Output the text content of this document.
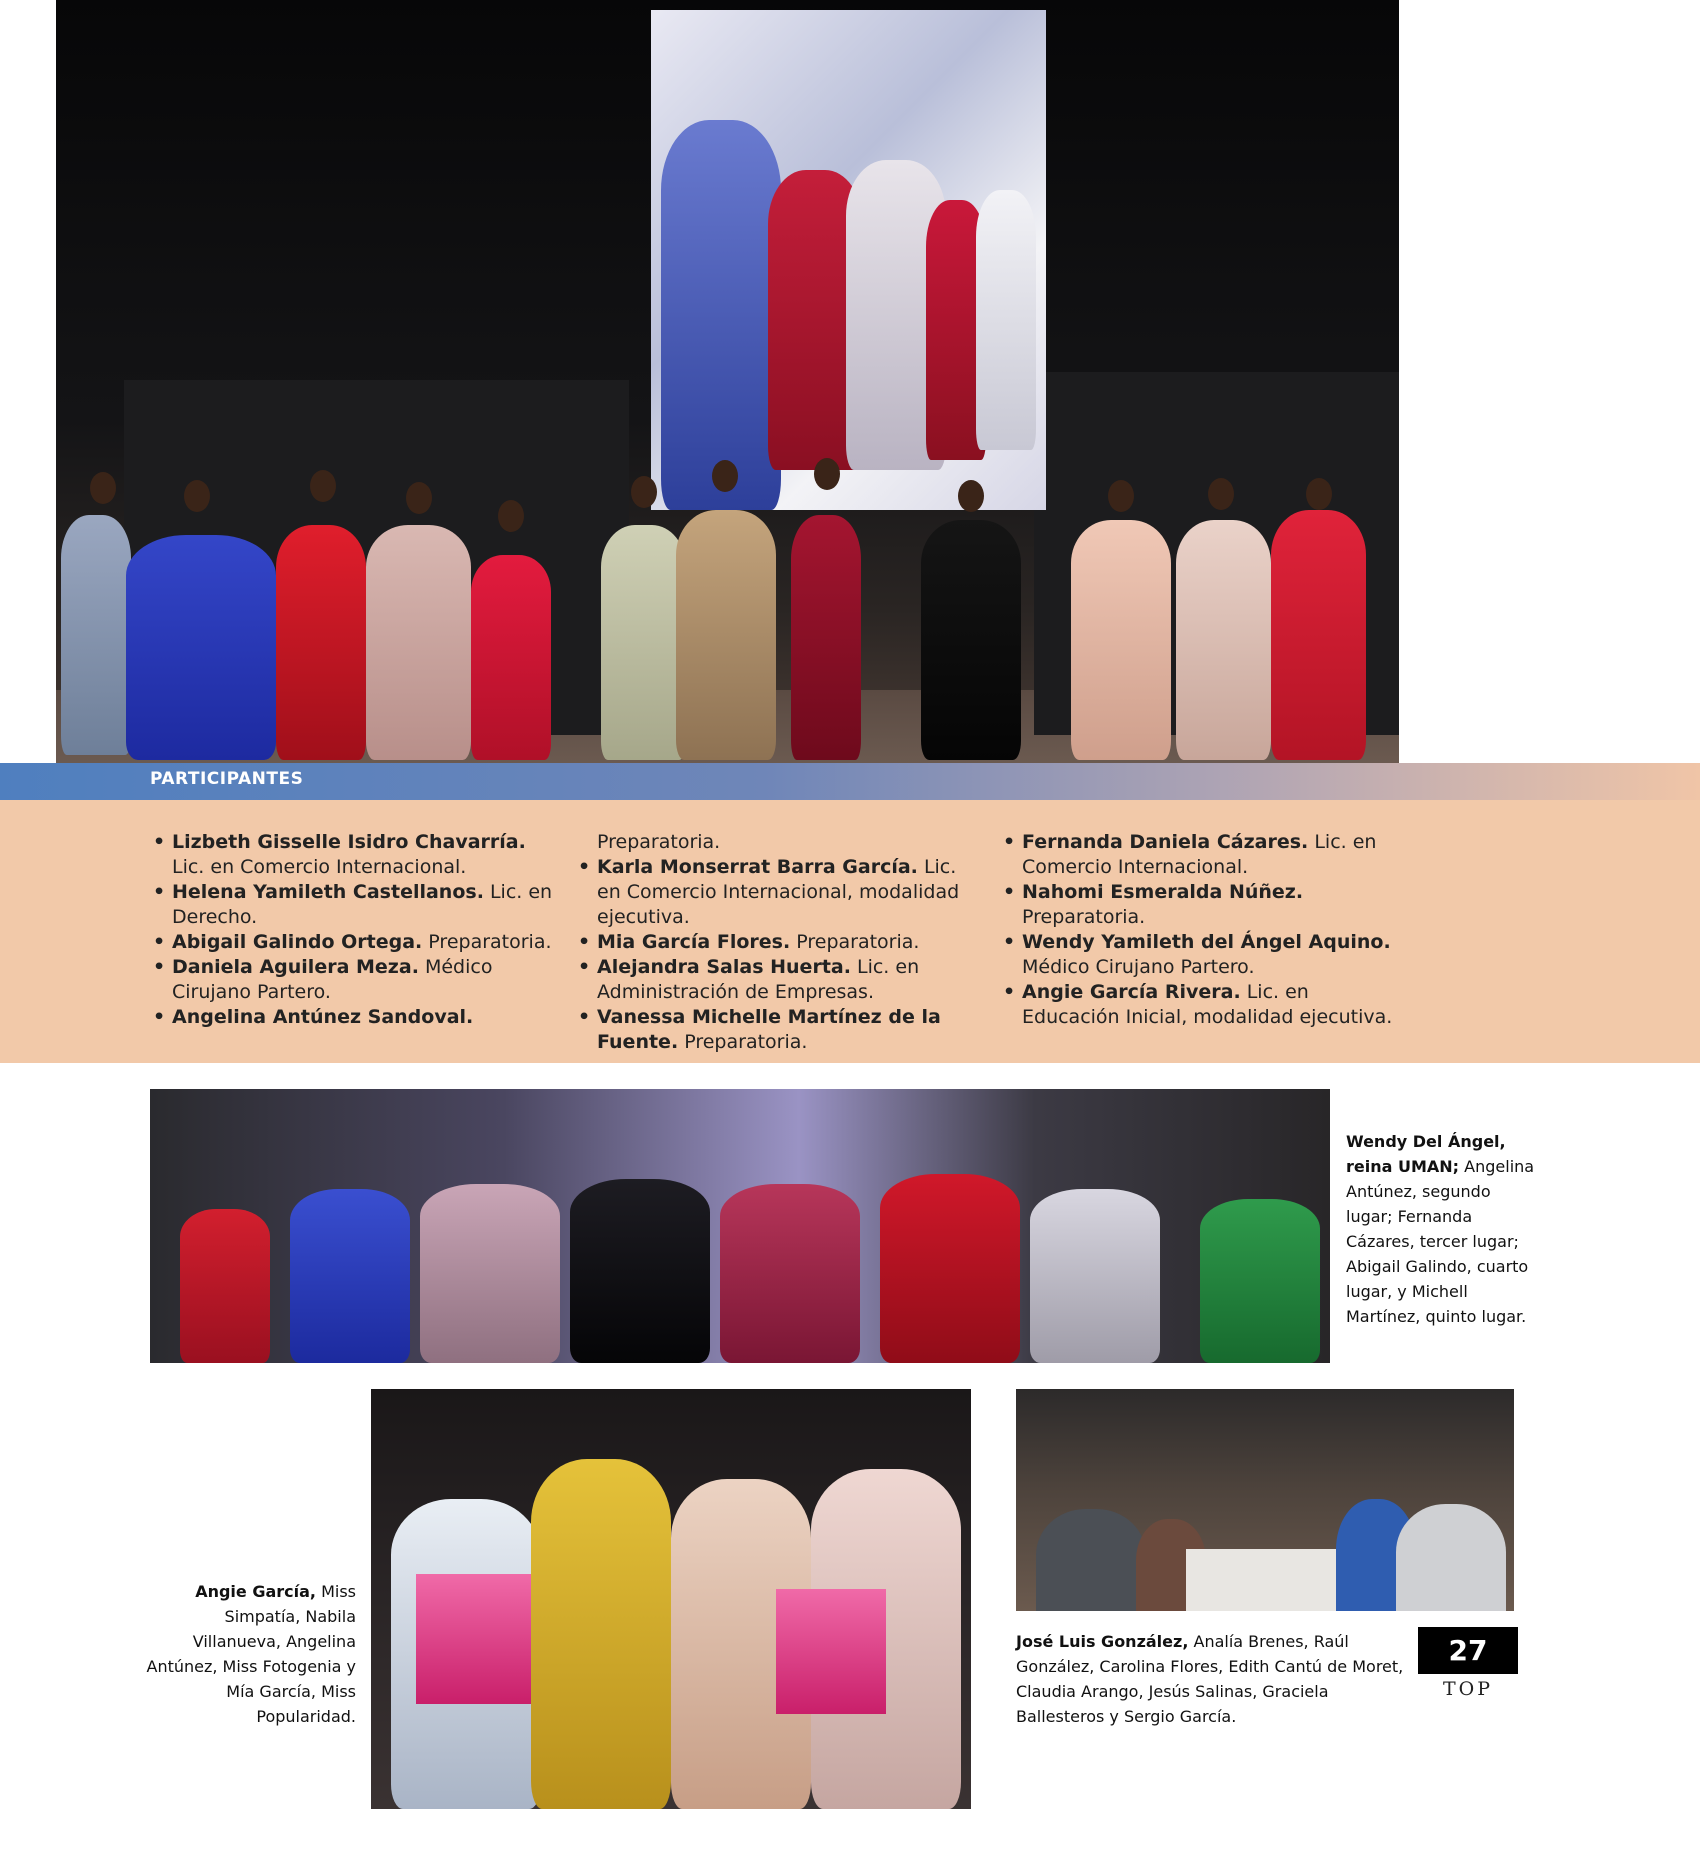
PARTICIPANTES
• Lizbeth Gisselle Isidro Chavarría. Lic. en Comercio Internacional.
• Helena Yamileth Castellanos. Lic. en Derecho.
• Abigail Galindo Ortega. Preparatoria.
• Daniela Aguilera Meza. Médico Cirujano Partero.
• Angelina Antúnez Sandoval.
Preparatoria.
• Karla Monserrat Barra García. Lic. en Comercio Internacional, modalidad ejecutiva.
• Mia García Flores. Preparatoria.
• Alejandra Salas Huerta. Lic. en Administración de Empresas.
• Vanessa Michelle Martínez de la Fuente. Preparatoria.
• Fernanda Daniela Cázares. Lic. en Comercio Internacional.
• Nahomi Esmeralda Núñez. Preparatoria.
• Wendy Yamileth del Ángel Aquino. Médico Cirujano Partero.
• Angie García Rivera. Lic. en Educación Inicial, modalidad ejecutiva.
Wendy Del Ángel, reina UMAN; Angelina Antúnez, segundo lugar; Fernanda Cázares, tercer lugar; Abigail Galindo, cuarto lugar, y Michell Martínez, quinto lugar.
Angie García, Miss Simpatía, Nabila Villanueva, Angelina Antúnez, Miss Fotogenia y Mía García, Miss Popularidad.
José Luis González, Analía Brenes, Raúl González, Carolina Flores, Edith Cantú de Moret, Claudia Arango, Jesús Salinas, Graciela Ballesteros y Sergio García.
27
TOP
